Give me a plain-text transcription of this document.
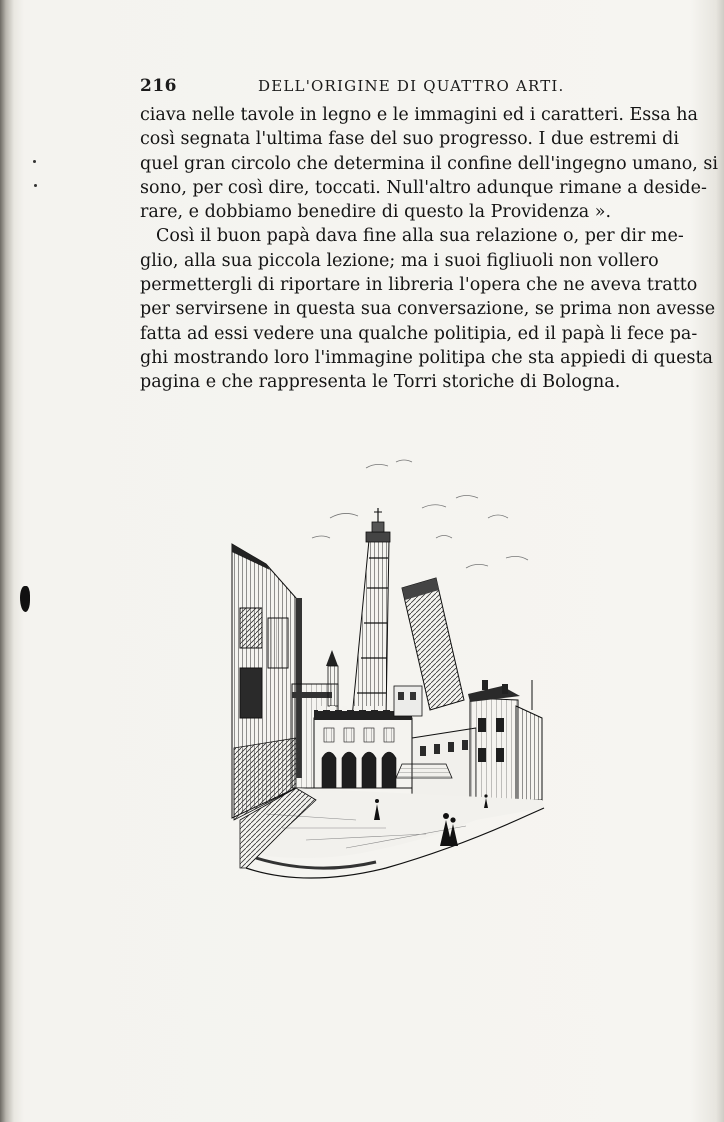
216	DELL'ORIGINE DI QUATTRO ARTI.
ciava nelle tavole in legno e le immagini ed i caratteri. Essa ha
così segnata l'ultima fase del suo progresso. I due estremi di
quel gran circolo che determina il confine dell'ingegno umano, si
sono, per così dire, toccati. Null'altro adunque rimane a deside-
rare, e dobbiamo benedire di questo la Providenza ».
Così il buon papà dava fine alla sua relazione o, per dir me-
glio, alla sua piccola lezione; ma i suoi figliuoli non vollero
permettergli di riportare in libreria l'opera che ne aveva tratto
per servirsene in questa sua conversazione, se prima non avesse
fatta ad essi vedere una qualche politipia, ed il papà li fece pa-
ghi mostrando loro l'immagine politipa che sta appiedi di questa
pagina e che rappresenta le Torri storiche di Bologna.
